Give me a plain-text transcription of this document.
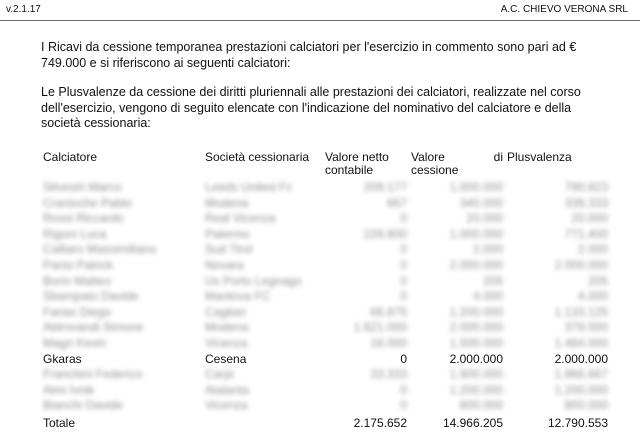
v.2.1.17	A.C. CHIEVO VERONA SRL

I Ricavi da cessione temporanea prestazioni calciatori per l'esercizio in commento sono pari ad € 749.000 e si riferiscono ai seguenti calciatori:

Le Plusvalenze da cessione dei diritti pluriennali alle prestazioni dei calciatori, realizzate nel corso dell'esercizio, vengono di seguito elencate con l'indicazione del nominativo del calciatore e della società cessionaria:

Calciatore	Società cessionaria	Valore netto contabile	Valore di cessione	Plusvalenza
Silvestri Marco	Leeds United Fc	209.177	1.000.000	790.823
Cranioche Pablo	Modena	667	340.000	339.333
Rossi Riccardo	Real Vicenza	0	20.000	20.000
Rigoni Luca	Palermo	228.600	1.000.000	771.400
Calliaro Massimiliano	Sud Tirol	0	2.000	2.000
Parisi Patrick	Novara	0	2.000.000	2.000.000
Borin Matteo	Us Porto Legnago	0	205	205
Sbampato Davide	Mantova FC	0	4.000	4.000
Farias Diego	Cagliari	66.875	1.200.000	1.133.125
Aldrovandi Simone	Modena	1.621.000	2.000.000	379.000
Magri Kevin	Vicenza	16.000	1.500.000	1.484.000
Gkaras	Cesena	0	2.000.000	2.000.000
Franchini Federico	Carpi	33.333	1.900.000	1.866.667
Almi Ivnik	Atalanta	0	1.200.000	1.200.000
Bianchi Davide	Vicenza	0	800.000	800.000
Totale		2.175.652	14.966.205	12.790.553
